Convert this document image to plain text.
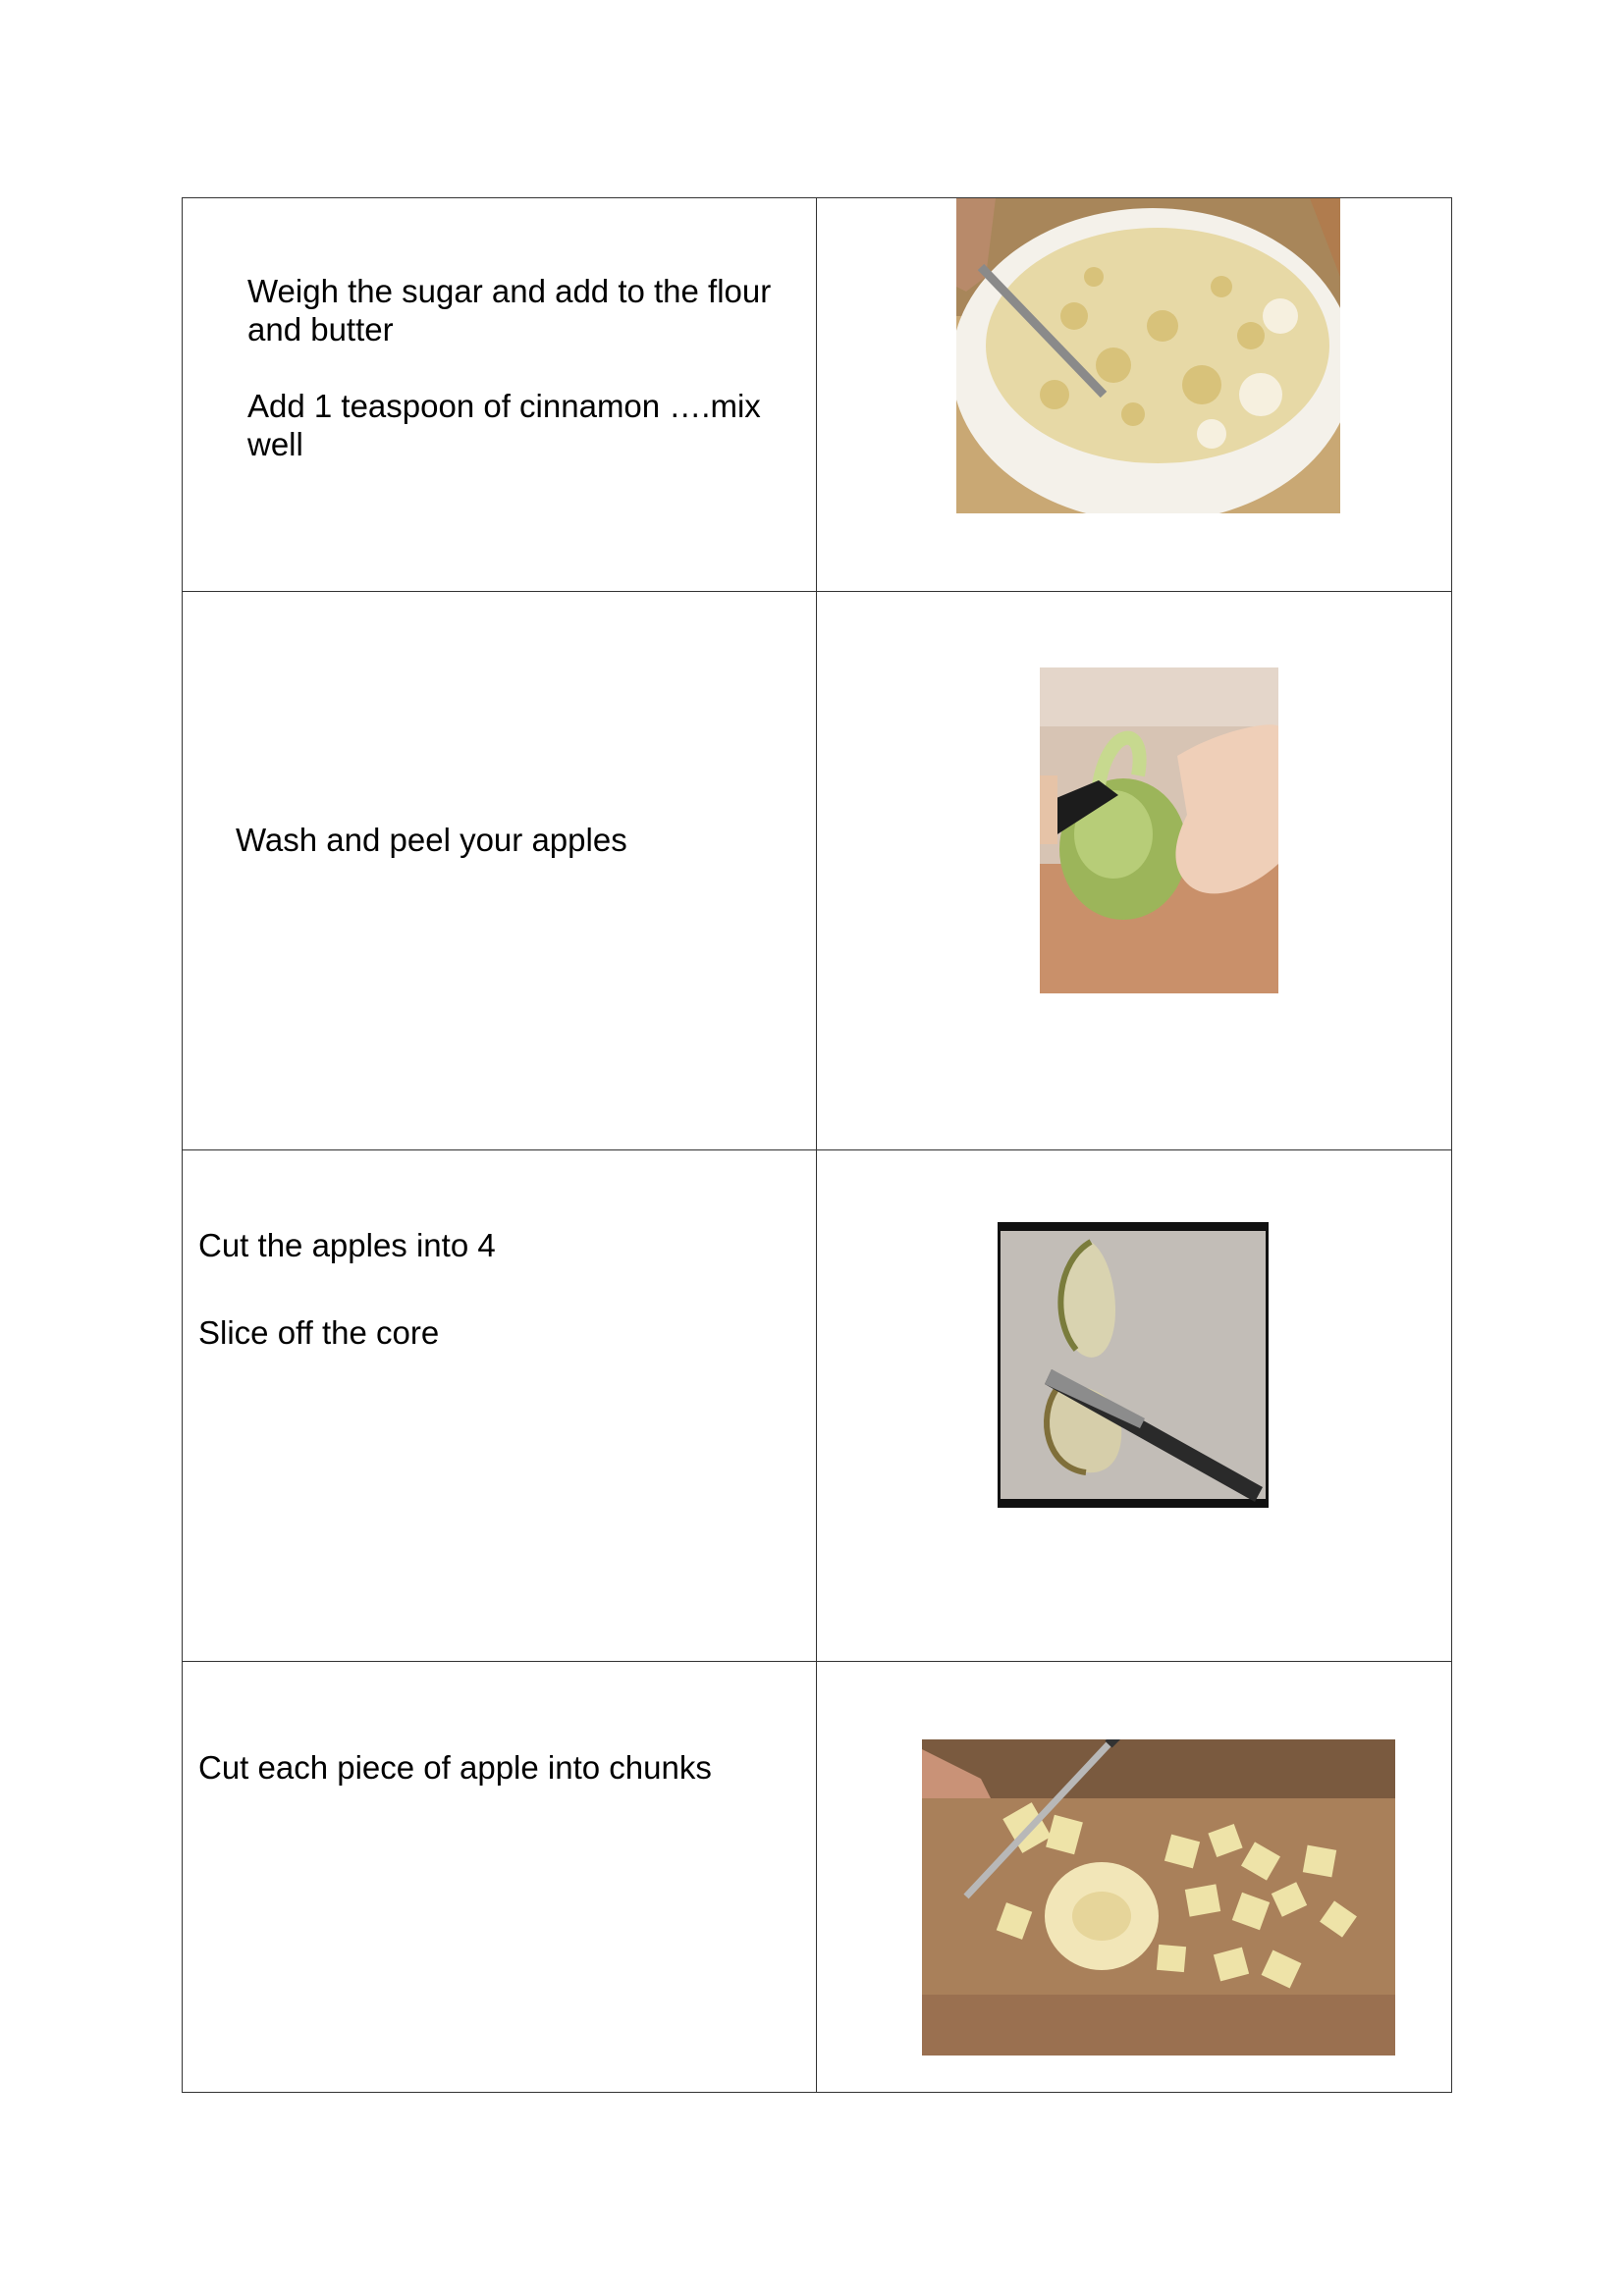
Weigh the sugar and add to the flour and butter

Add 1 teaspoon of cinnamon ….mix well

Wash and peel your apples

Cut the apples into 4

Slice off the core

Cut each piece of apple into chunks
